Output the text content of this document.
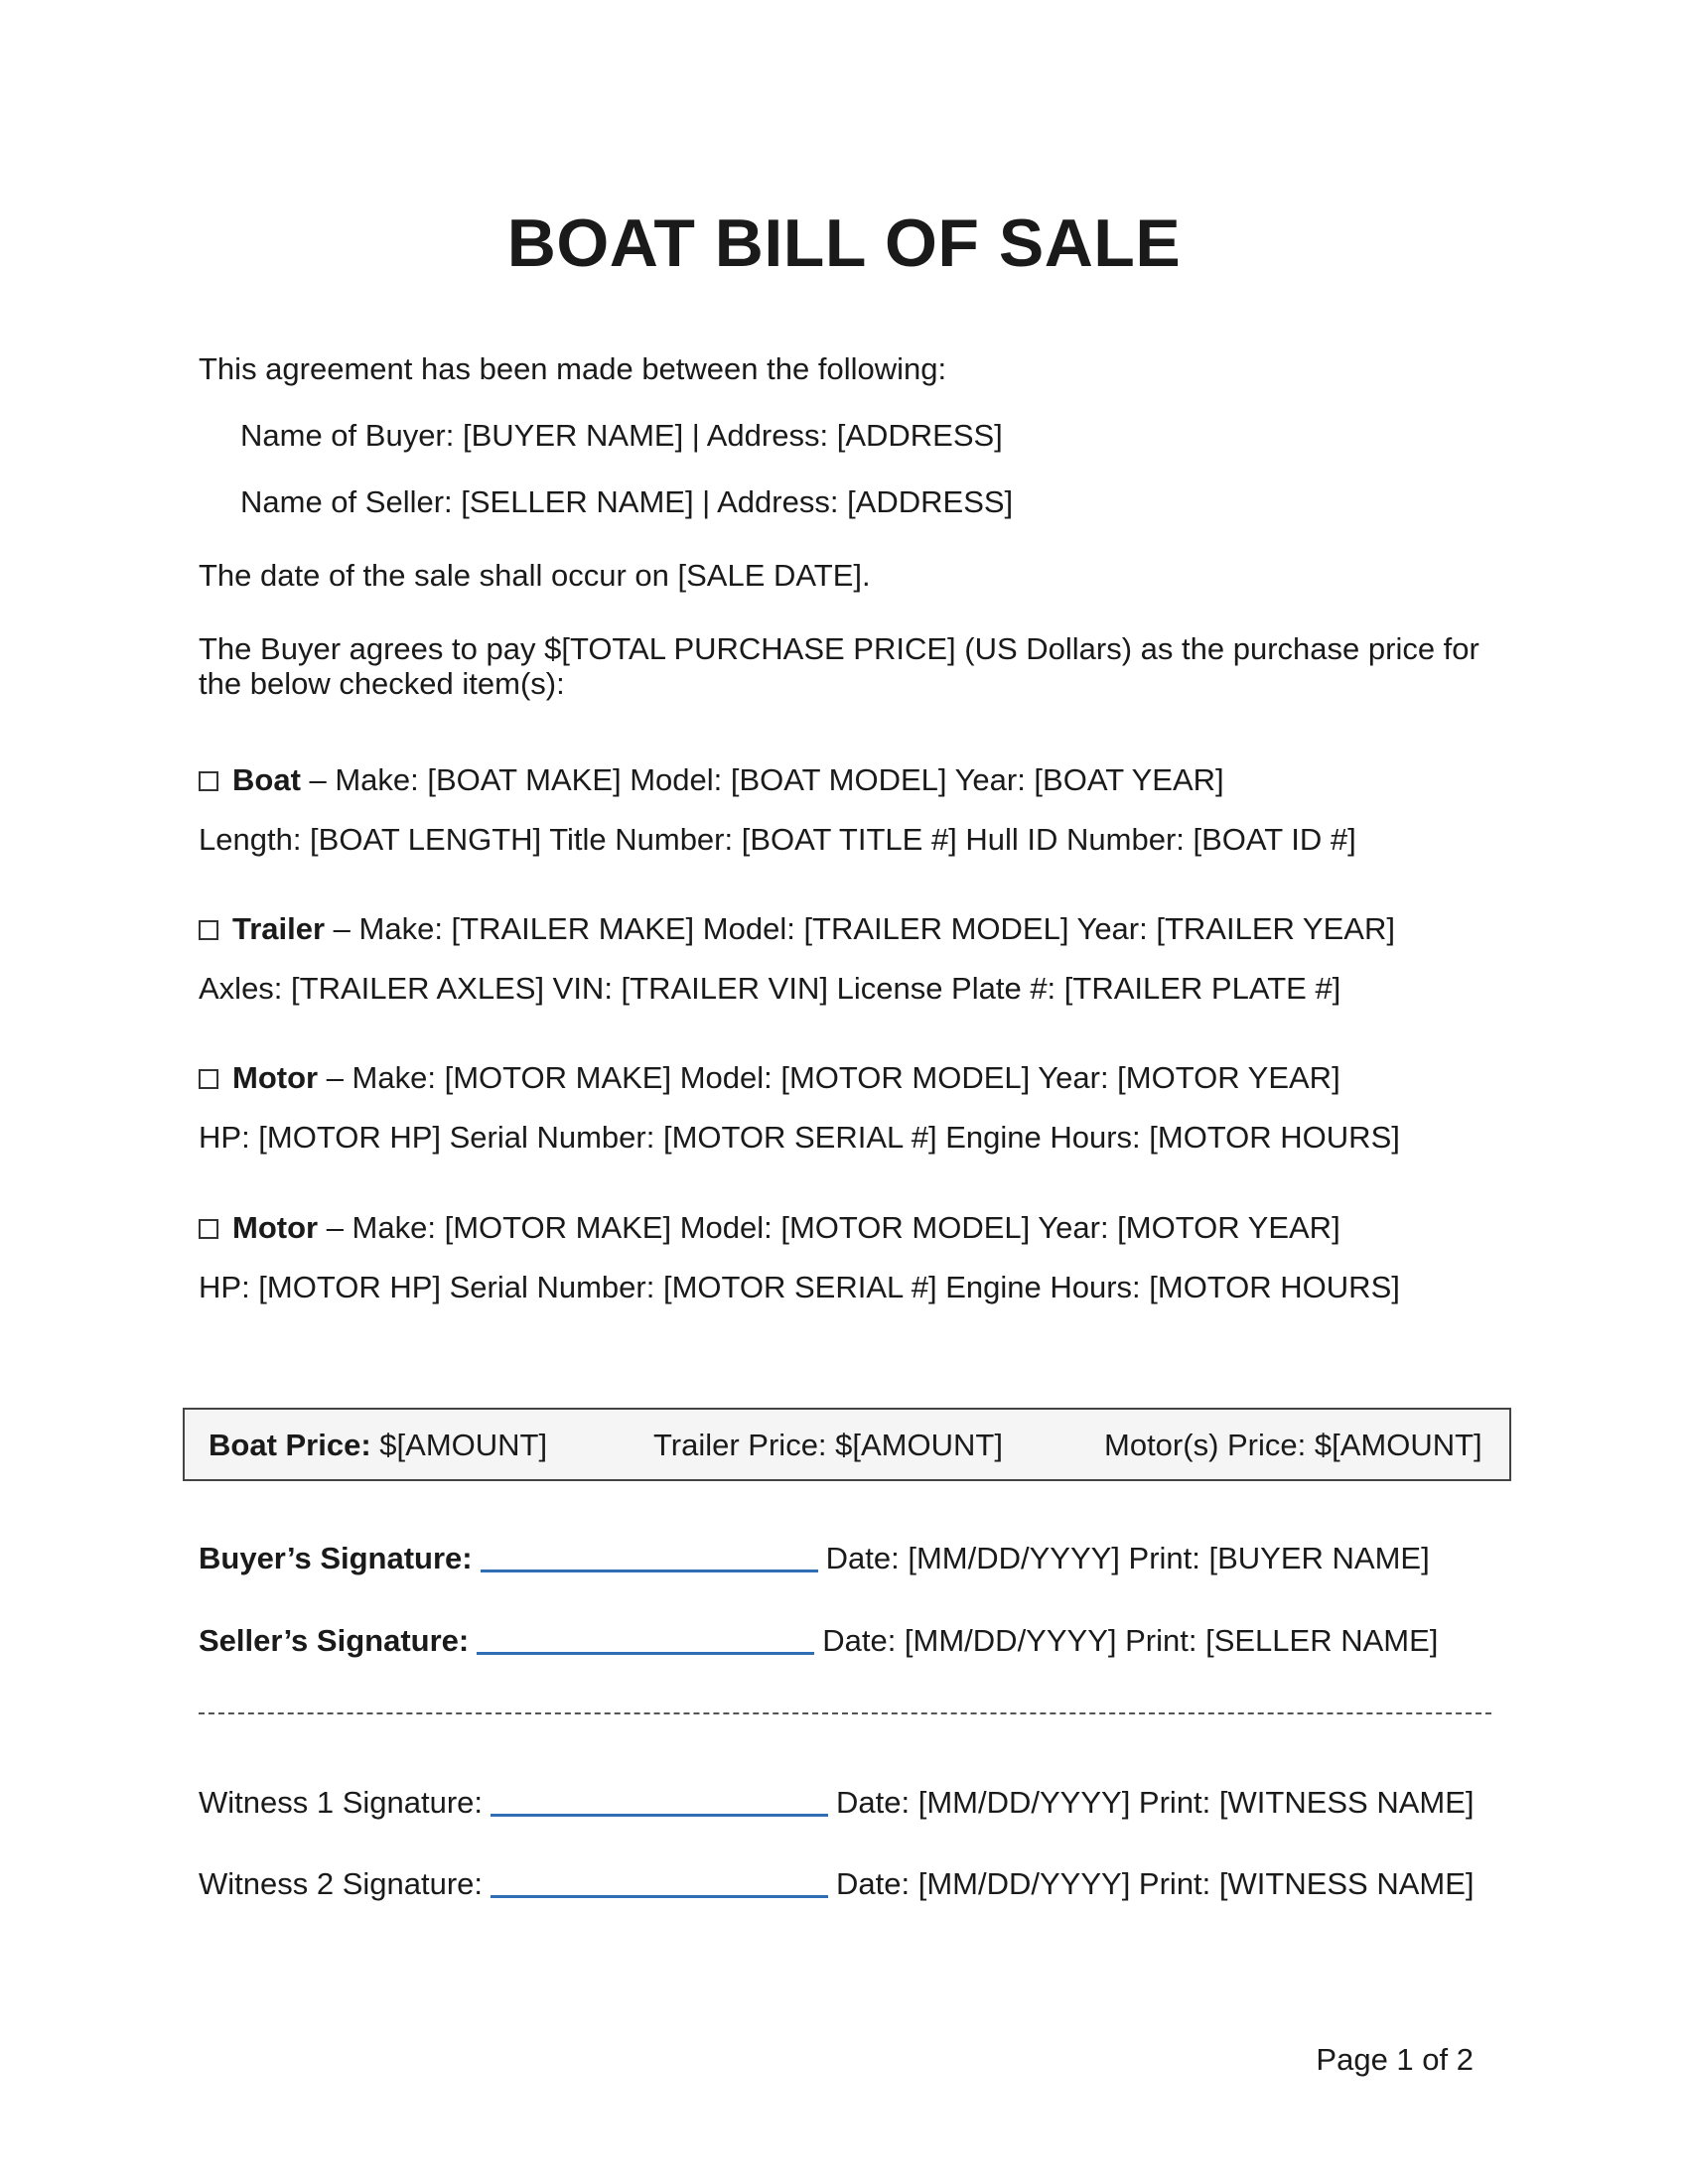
BOAT BILL OF SALE
This agreement has been made between the following:
Name of Buyer: [BUYER NAME] | Address: [ADDRESS]
Name of Seller: [SELLER NAME] | Address: [ADDRESS]
The date of the sale shall occur on [SALE DATE].
The Buyer agrees to pay $[TOTAL PURCHASE PRICE] (US Dollars) as the purchase price for
the below checked item(s):
Boat – Make: [BOAT MAKE] Model: [BOAT MODEL] Year: [BOAT YEAR]
Length: [BOAT LENGTH] Title Number: [BOAT TITLE #] Hull ID Number: [BOAT ID #]
Trailer – Make: [TRAILER MAKE] Model: [TRAILER MODEL] Year: [TRAILER YEAR]
Axles: [TRAILER AXLES] VIN: [TRAILER VIN] License Plate #: [TRAILER PLATE #]
Motor – Make: [MOTOR MAKE] Model: [MOTOR MODEL] Year: [MOTOR YEAR]
HP: [MOTOR HP] Serial Number: [MOTOR SERIAL #] Engine Hours: [MOTOR HOURS]
Motor – Make: [MOTOR MAKE] Model: [MOTOR MODEL] Year: [MOTOR YEAR]
HP: [MOTOR HP] Serial Number: [MOTOR SERIAL #] Engine Hours: [MOTOR HOURS]
Boat Price: $[AMOUNT]	Trailer Price: $[AMOUNT]	Motor(s) Price: $[AMOUNT]
Buyer’s Signature:	Date: [MM/DD/YYYY] Print: [BUYER NAME]
Seller’s Signature:	Date: [MM/DD/YYYY] Print: [SELLER NAME]
Witness 1 Signature:	Date: [MM/DD/YYYY] Print: [WITNESS NAME]
Witness 2 Signature:	Date: [MM/DD/YYYY] Print: [WITNESS NAME]
Page 1 of 2
